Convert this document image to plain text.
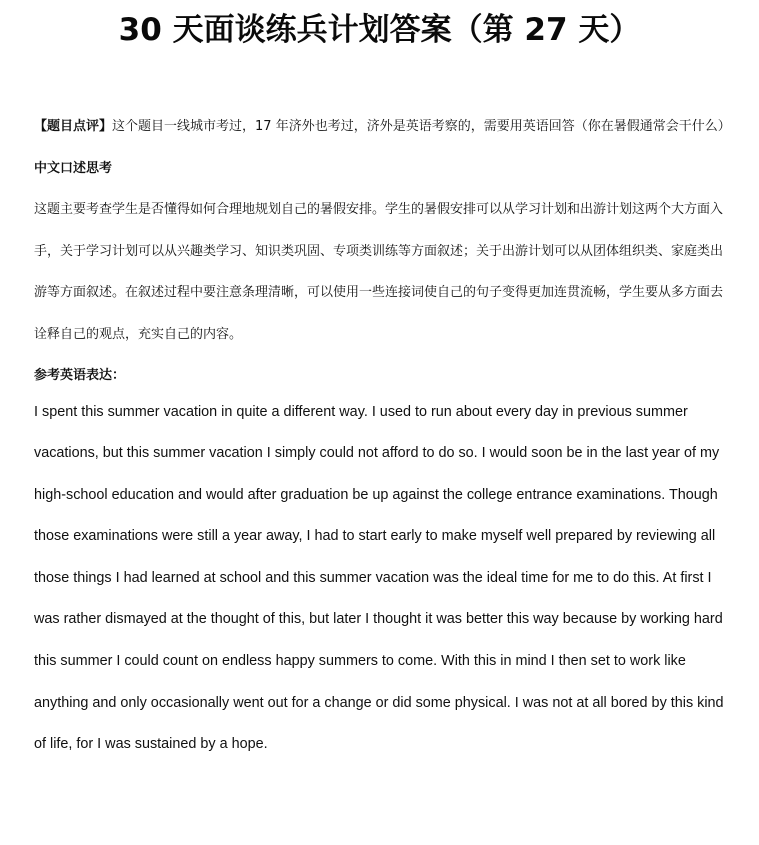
30 天面谈练兵计划答案（第 27 天）

【题目点评】这个题目一线城市考过，17 年济外也考过，济外是英语考察的，需要用英语回答（你在暑假通常会干什么）

中文口述思考

这题主要考查学生是否懂得如何合理地规划自己的暑假安排。学生的暑假安排可以从学习计划和出游计划这两个大方面入手，关于学习计划可以从兴趣类学习、知识类巩固、专项类训练等方面叙述；关于出游计划可以从团体组织类、家庭类出游等方面叙述。在叙述过程中要注意条理清晰，可以使用一些连接词使自己的句子变得更加连贯流畅，学生要从多方面去诠释自己的观点，充实自己的内容。

参考英语表达：

I spent this summer vacation in quite a different way. I used to run about every day in previous summer vacations, but this summer vacation I simply could not afford to do so. I would soon be in the last year of my high-school education and would after graduation be up against the college entrance examinations. Though those examinations were still a year away, I had to start early to make myself well prepared by reviewing all those things I had learned at school and this summer vacation was the ideal time for me to do this. At first I was rather dismayed at the thought of this, but later I thought it was better this way because by working hard this summer I could count on endless happy summers to come. With this in mind I then set to work like anything and only occasionally went out for a change or did some physical. I was not at all bored by this kind of life, for I was sustained by a hope.
